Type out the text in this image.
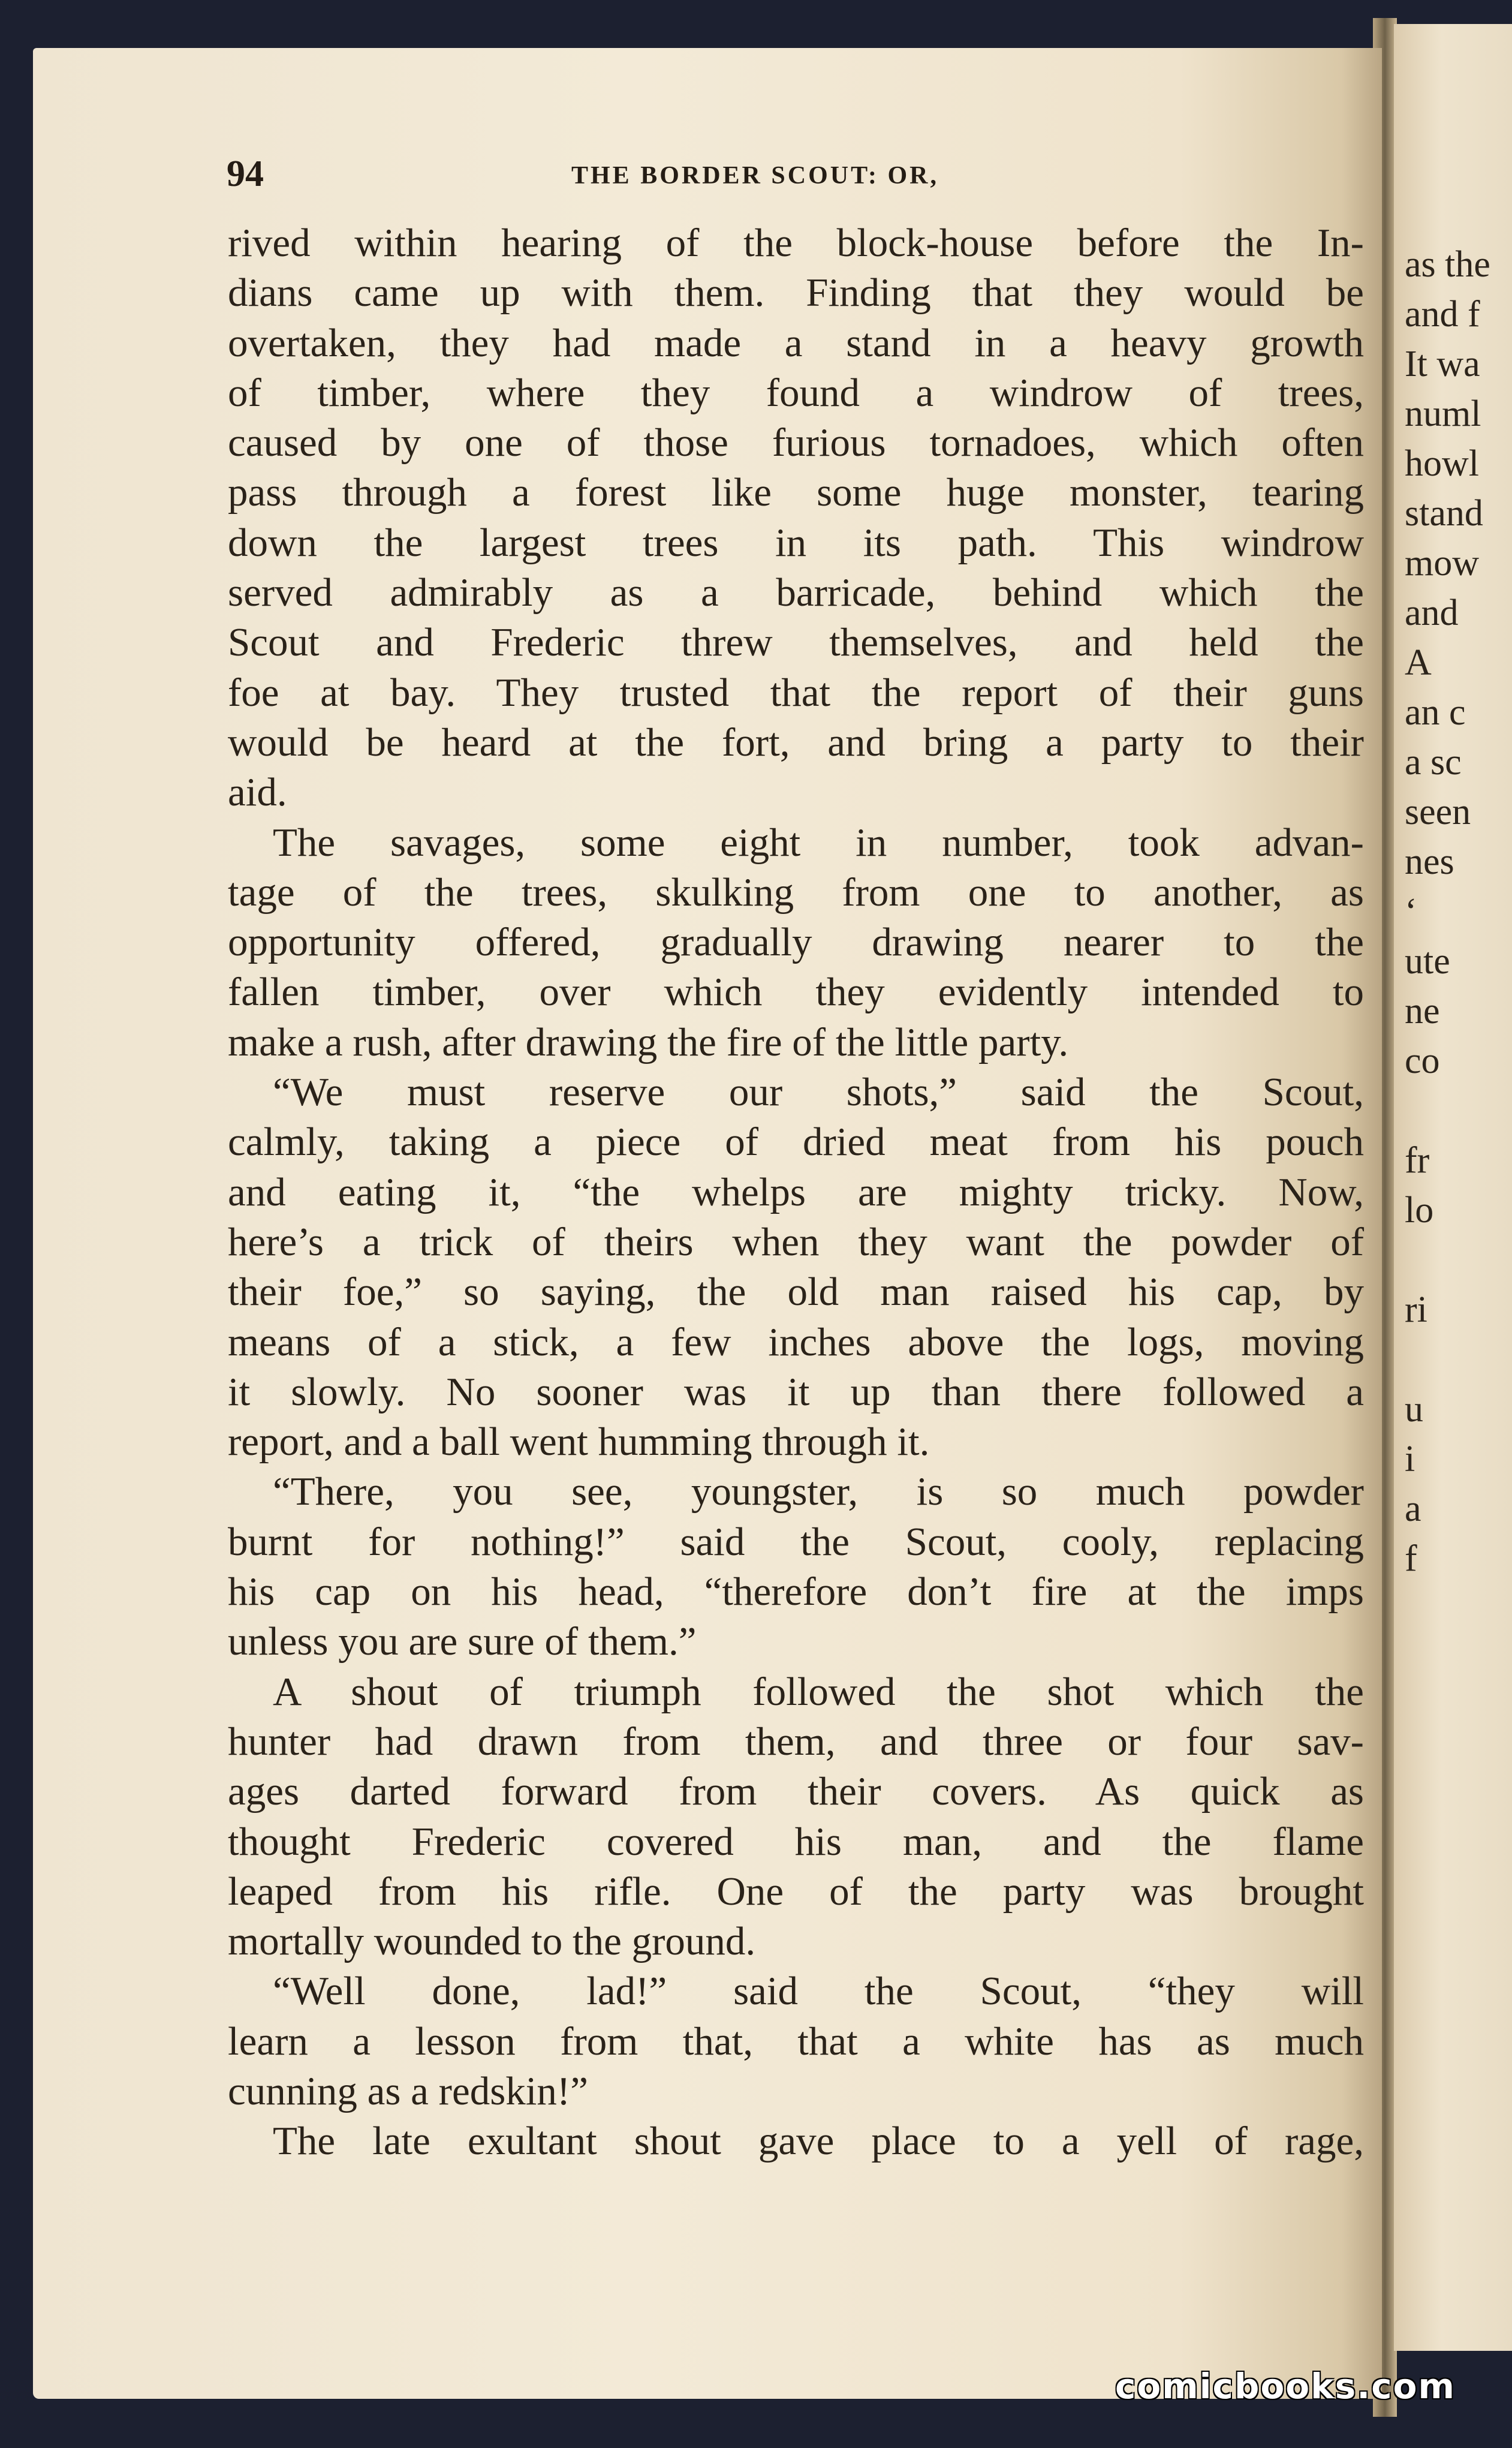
as the
and f
It wa
numl
howl
stand
mow
and
A
an c
a sc
seen
nes
‘
ute
ne
co
fr
lo
ri
u
i
a
f
94	THE BORDER SCOUT: OR,
rived within hearing of the block-house before the In-
dians came up with them. Finding that they would be
overtaken, they had made a stand in a heavy growth
of timber, where they found a windrow of trees,
caused by one of those furious tornadoes, which often
pass through a forest like some huge monster, tearing
down the largest trees in its path. This windrow
served admirably as a barricade, behind which the
Scout and Frederic threw themselves, and held the
foe at bay. They trusted that the report of their guns
would be heard at the fort, and bring a party to their
aid.
The savages, some eight in number, took advan-
tage of the trees, skulking from one to another, as
opportunity offered, gradually drawing nearer to the
fallen timber, over which they evidently intended to
make a rush, after drawing the fire of the little party.
“We must reserve our shots,” said the Scout,
calmly, taking a piece of dried meat from his pouch
and eating it, “the whelps are mighty tricky. Now,
here’s a trick of theirs when they want the powder of
their foe,” so saying, the old man raised his cap, by
means of a stick, a few inches above the logs, moving
it slowly. No sooner was it up than there followed a
report, and a ball went humming through it.
“There, you see, youngster, is so much powder
burnt for nothing!” said the Scout, cooly, replacing
his cap on his head, “therefore don’t fire at the imps
unless you are sure of them.”
A shout of triumph followed the shot which the
hunter had drawn from them, and three or four sav-
ages darted forward from their covers. As quick as
thought Frederic covered his man, and the flame
leaped from his rifle. One of the party was brought
mortally wounded to the ground.
“Well done, lad!” said the Scout, “they will
learn a lesson from that, that a white has as much
cunning as a redskin!”
The late exultant shout gave place to a yell of rage,
comicbooks.com
